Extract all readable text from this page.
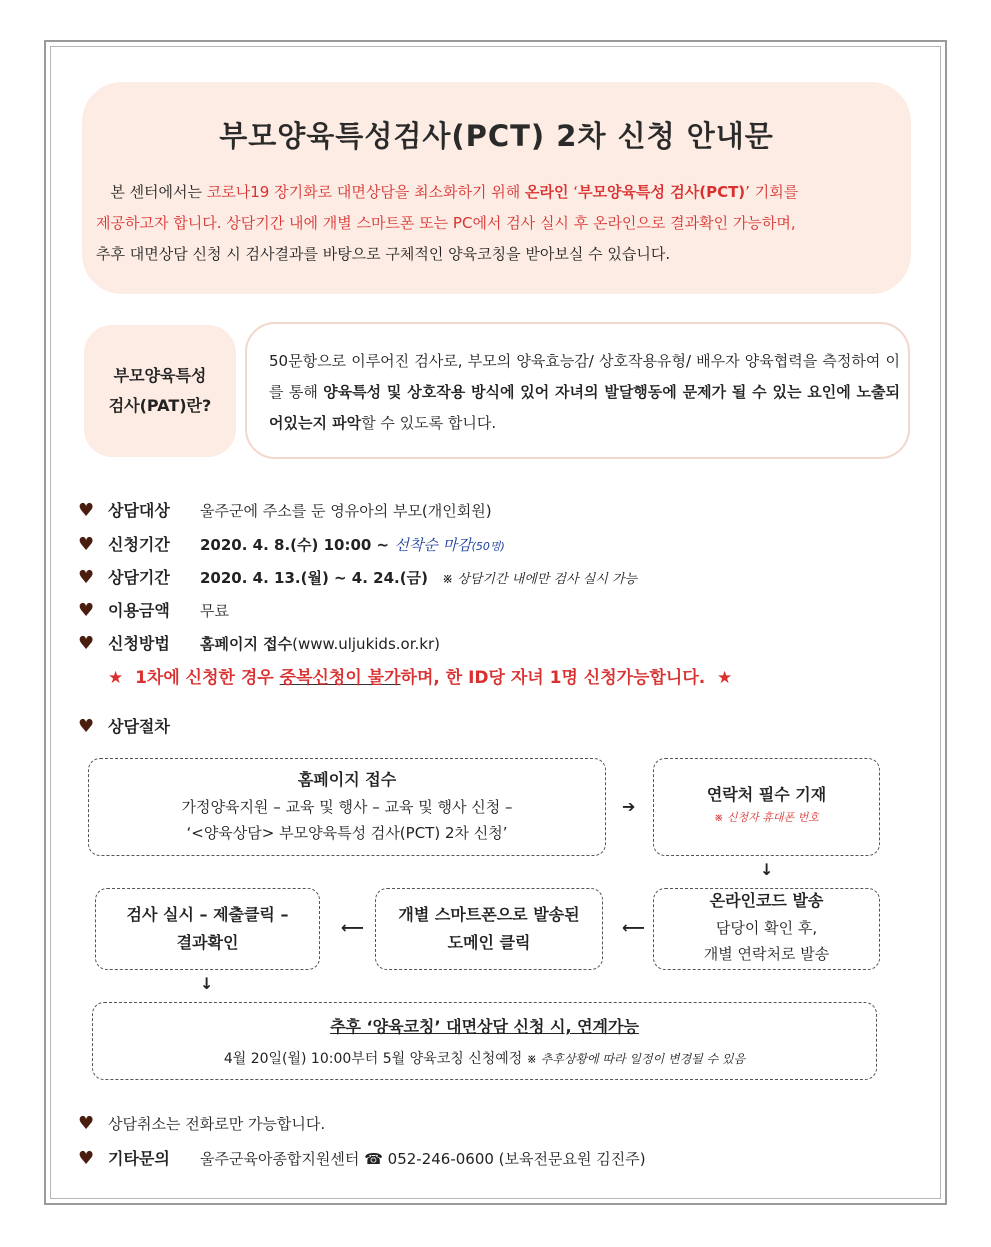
부모양육특성검사(PCT) 2차 신청 안내문
본 센터에서는 코로나19 장기화로 대면상담을 최소화하기 위해 온라인 ‘부모양육특성 검사(PCT)’ 기회를
제공하고자 합니다. 상담기간 내에 개별 스마트폰 또는 PC에서 검사 실시 후 온라인으로 결과확인 가능하며,
추후 대면상담 신청 시 검사결과를 바탕으로 구체적인 양육코칭을 받아보실 수 있습니다.
부모양육특성
검사(PAT)란?
50문항으로 이루어진 검사로, 부모의 양육효능감/ 상호작용유형/ 배우자 양육협력을 측정하여 이를 통해 양육특성 및 상호작용 방식에 있어 자녀의 발달행동에 문제가 될 수 있는 요인에 노출되어있는지 파악할 수 있도록 합니다.
♥ 상담대상	울주군에 주소를 둔 영유아의 부모(개인회원)
♥ 신청기간	2020. 4. 8.(수) 10:00 ~ 선착순 마감 (50명)
♥ 상담기간	2020. 4. 13.(월) ~ 4. 24.(금)
※ 상담기간 내에만 검사 실시 가능
♥ 이용금액	무료
♥ 신청방법	홈페이지 접수 (www.uljukids.or.kr)
★ 1차에 신청한 경우 중복신청이 불가하며, 한 ID당 자녀 1명 신청가능합니다. ★
♥ 상담절차
홈페이지 접수
가정양육지원 – 교육 및 행사 – 교육 및 행사 신청 –
‘<양육상담> 부모양육특성 검사(PCT) 2차 신청’
➔
연락처 필수 기재
※ 신청자 휴대폰 번호
↓
온라인코드 발송
담당이 확인 후,
개별 연락처로 발송
⟵
개별 스마트폰으로 발송된
도메인 클릭
⟵
검사 실시 – 제출클릭 –
결과확인
↓
추후 ‘양육코칭’ 대면상담 신청 시, 연계가능
4월 20일(월) 10:00부터 5월 양육코칭 신청예정 ※ 추후상황에 따라 일정이 변경될 수 있음
♥ 상담취소는 전화로만 가능합니다.
♥ 기타문의	울주군육아종합지원센터
☎
052-246-0600 (보육전문요원 김진주)
